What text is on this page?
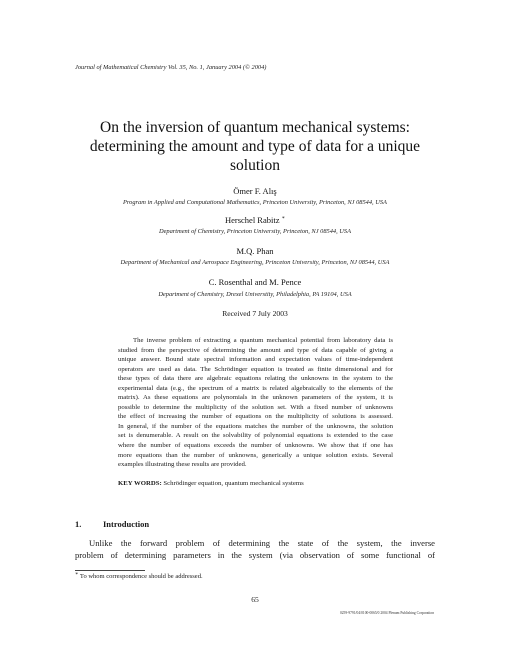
Journal of Mathematical Chemistry Vol. 35, No. 1, January 2004 (© 2004)
On the inversion of quantum mechanical systems:
determining the amount and type of data for a unique
solution
Ömer F. Alış
Program in Applied and Computational Mathematics, Princeton University, Princeton, NJ 08544, USA
Herschel Rabitz ∗
Department of Chemistry, Princeton University, Princeton, NJ 08544, USA
M.Q. Phan
Department of Mechanical and Aerospace Engineering, Princeton University, Princeton, NJ 08544, USA
C. Rosenthal and M. Pence
Department of Chemistry, Drexel Universtity, Philadelphia, PA 19104, USA
Received 7 July 2003
The inverse problem of extracting a quantum mechanical potential from laboratory data is
studied from the perspective of determining the amount and type of data capable of giving a
unique answer. Bound state spectral information and expectation values of time-independent
operators are used as data. The Schrödinger equation is treated as finite dimensional and for
these types of data there are algebraic equations relating the unknowns in the system to the
experimental data (e.g., the spectrum of a matrix is related algebraically to the elements of the
matrix). As these equations are polynomials in the unknown parameters of the system, it is
possible to determine the multiplicity of the solution set. With a fixed number of unknowns
the effect of increasing the number of equations on the multiplicity of solutions is assessed.
In general, if the number of the equations matches the number of the unknowns, the solution
set is denumerable. A result on the solvability of polynomial equations is extended to the case
where the number of equations exceeds the number of unknowns. We show that if one has
more equations than the number of unknowns, generically a unique solution exists. Several
examples illustrating these results are provided.
KEY WORDS: Schrödinger equation, quantum mechanical systems
1.	Introduction
Unlike the forward problem of determining the state of the system, the inverse
problem of determining parameters in the system (via observation of some functional of
∗ To whom correspondence should be addressed.
65
0259-9791/04/0100-0065/0 2004 Plenum Publishing Corporation
